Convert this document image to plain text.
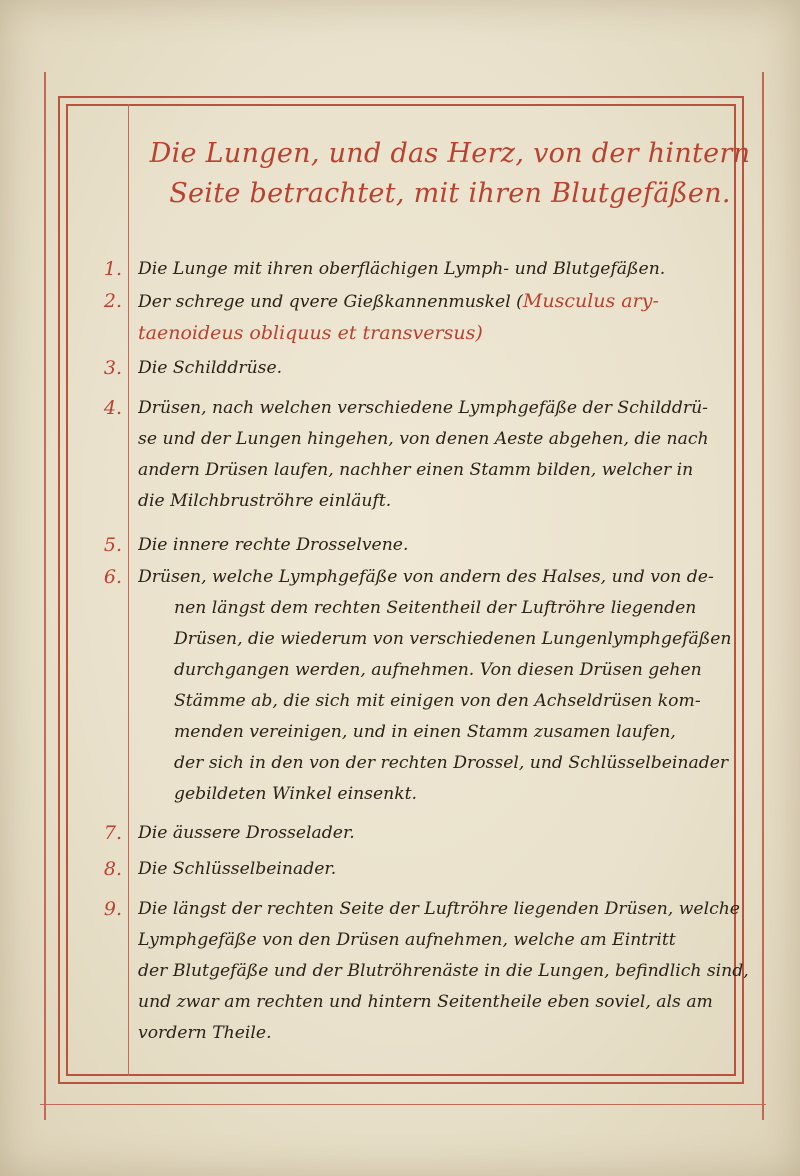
Die Lungen, und das Herz, von der hintern
Seite betrachtet, mit ihren Blutgefäßen.
1. Die Lunge mit ihren oberflächigen Lymph- und Blutgefäßen.
2. Der schrege und qvere Gießkannenmuskel (Musculus ary-
taenoideus obliquus et transversus)
3. Die Schilddrüse.
4. Drüsen, nach welchen verschiedene Lymphgefäße der Schilddrü-
se und der Lungen hingehen, von denen Aeste abgehen, die nach
andern Drüsen laufen, nachher einen Stamm bilden, welcher in
die Milchbruströhre einläuft.
5. Die innere rechte Drosselvene.
6. Drüsen, welche Lymphgefäße von andern des Halses, und von de-
nen längst dem rechten Seitentheil der Luftröhre liegenden
Drüsen, die wiederum von verschiedenen Lungenlymphgefäßen
durchgangen werden, aufnehmen. Von diesen Drüsen gehen
Stämme ab, die sich mit einigen von den Achseldrüsen kom-
menden vereinigen, und in einen Stamm zusamen laufen,
der sich in den von der rechten Drossel, und Schlüsselbeinader
gebildeten Winkel einsenkt.
7. Die äussere Drosselader.
8. Die Schlüsselbeinader.
9. Die längst der rechten Seite der Luftröhre liegenden Drüsen, welche
Lymphgefäße von den Drüsen aufnehmen, welche am Eintritt
der Blutgefäße und der Blutröhrenäste in die Lungen, befindlich sind,
und zwar am rechten und hintern Seitentheile eben soviel, als am
vordern Theile.
